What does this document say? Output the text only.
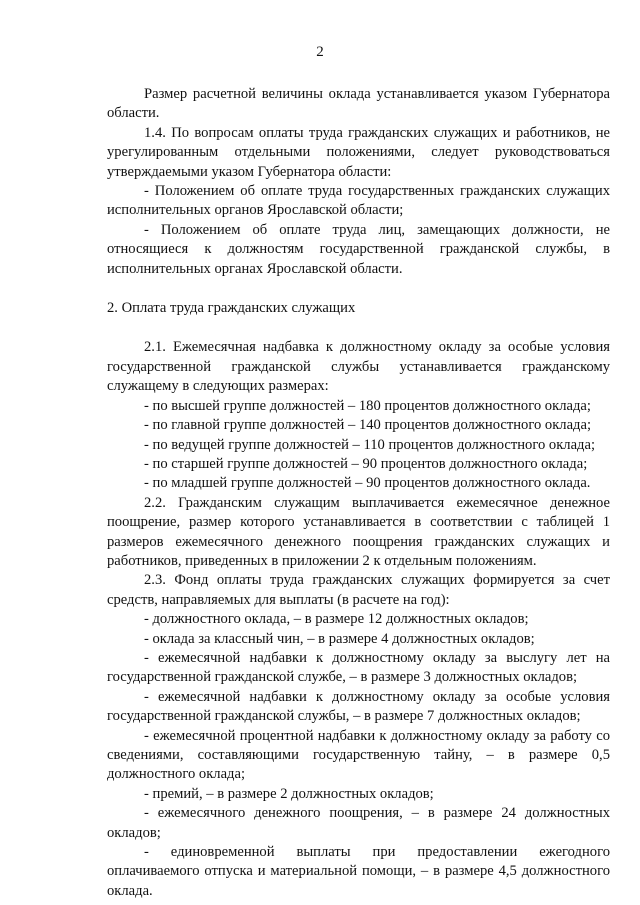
2

Размер расчетной величины оклада устанавливается указом Губернатора области.

1.4. По вопросам оплаты труда гражданских служащих и работников, не урегулированным отдельными положениями, следует руководствоваться утверждаемыми указом Губернатора области:

- Положением об оплате труда государственных гражданских служащих исполнительных органов Ярославской области;

- Положением об оплате труда лиц, замещающих должности, не относящиеся к должностям государственной гражданской службы, в исполнительных органах Ярославской области.

2. Оплата труда гражданских служащих

2.1. Ежемесячная надбавка к должностному окладу за особые условия государственной гражданской службы устанавливается гражданскому служащему в следующих размерах:

- по высшей группе должностей – 180 процентов должностного оклада;

- по главной группе должностей – 140 процентов должностного оклада;

- по ведущей группе должностей – 110 процентов должностного оклада;

- по старшей группе должностей – 90 процентов должностного оклада;

- по младшей группе должностей – 90 процентов должностного оклада.

2.2. Гражданским служащим выплачивается ежемесячное денежное поощрение, размер которого устанавливается в соответствии с таблицей 1 размеров ежемесячного денежного поощрения гражданских служащих и работников, приведенных в приложении 2 к отдельным положениям.

2.3. Фонд оплаты труда гражданских служащих формируется за счет средств, направляемых для выплаты (в расчете на год):

- должностного оклада, – в размере 12 должностных окладов;

- оклада за классный чин, – в размере 4 должностных окладов;

- ежемесячной надбавки к должностному окладу за выслугу лет на государственной гражданской службе, – в размере 3 должностных окладов;

- ежемесячной надбавки к должностному окладу за особые условия государственной гражданской службы, – в размере 7 должностных окладов;

- ежемесячной процентной надбавки к должностному окладу за работу со сведениями, составляющими государственную тайну, – в размере 0,5 должностного оклада;

- премий, – в размере 2 должностных окладов;

- ежемесячного денежного поощрения, – в размере 24 должностных окладов;

- единовременной выплаты при предоставлении ежегодного оплачиваемого отпуска и материальной помощи, – в размере 4,5 должностного оклада.
